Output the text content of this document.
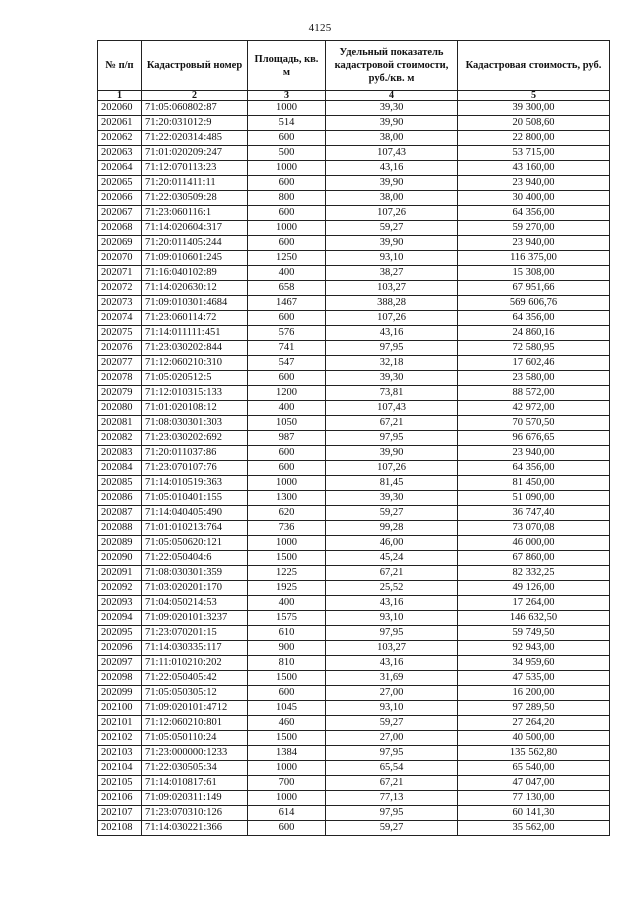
4125
№ п/п	Кадастровый номер	Площадь, кв. м	Удельный показатель кадастровой стоимости, руб./кв. м	Кадастровая стоимость, руб.
1	2	3	4	5
202060	71:05:060802:87	1000	39,30	39 300,00
202061	71:20:031012:9	514	39,90	20 508,60
202062	71:22:020314:485	600	38,00	22 800,00
202063	71:01:020209:247	500	107,43	53 715,00
202064	71:12:070113:23	1000	43,16	43 160,00
202065	71:20:011411:11	600	39,90	23 940,00
202066	71:22:030509:28	800	38,00	30 400,00
202067	71:23:060116:1	600	107,26	64 356,00
202068	71:14:020604:317	1000	59,27	59 270,00
202069	71:20:011405:244	600	39,90	23 940,00
202070	71:09:010601:245	1250	93,10	116 375,00
202071	71:16:040102:89	400	38,27	15 308,00
202072	71:14:020630:12	658	103,27	67 951,66
202073	71:09:010301:4684	1467	388,28	569 606,76
202074	71:23:060114:72	600	107,26	64 356,00
202075	71:14:011111:451	576	43,16	24 860,16
202076	71:23:030202:844	741	97,95	72 580,95
202077	71:12:060210:310	547	32,18	17 602,46
202078	71:05:020512:5	600	39,30	23 580,00
202079	71:12:010315:133	1200	73,81	88 572,00
202080	71:01:020108:12	400	107,43	42 972,00
202081	71:08:030301:303	1050	67,21	70 570,50
202082	71:23:030202:692	987	97,95	96 676,65
202083	71:20:011037:86	600	39,90	23 940,00
202084	71:23:070107:76	600	107,26	64 356,00
202085	71:14:010519:363	1000	81,45	81 450,00
202086	71:05:010401:155	1300	39,30	51 090,00
202087	71:14:040405:490	620	59,27	36 747,40
202088	71:01:010213:764	736	99,28	73 070,08
202089	71:05:050620:121	1000	46,00	46 000,00
202090	71:22:050404:6	1500	45,24	67 860,00
202091	71:08:030301:359	1225	67,21	82 332,25
202092	71:03:020201:170	1925	25,52	49 126,00
202093	71:04:050214:53	400	43,16	17 264,00
202094	71:09:020101:3237	1575	93,10	146 632,50
202095	71:23:070201:15	610	97,95	59 749,50
202096	71:14:030335:117	900	103,27	92 943,00
202097	71:11:010210:202	810	43,16	34 959,60
202098	71:22:050405:42	1500	31,69	47 535,00
202099	71:05:050305:12	600	27,00	16 200,00
202100	71:09:020101:4712	1045	93,10	97 289,50
202101	71:12:060210:801	460	59,27	27 264,20
202102	71:05:050110:24	1500	27,00	40 500,00
202103	71:23:000000:1233	1384	97,95	135 562,80
202104	71:22:030505:34	1000	65,54	65 540,00
202105	71:14:010817:61	700	67,21	47 047,00
202106	71:09:020311:149	1000	77,13	77 130,00
202107	71:23:070310:126	614	97,95	60 141,30
202108	71:14:030221:366	600	59,27	35 562,00
